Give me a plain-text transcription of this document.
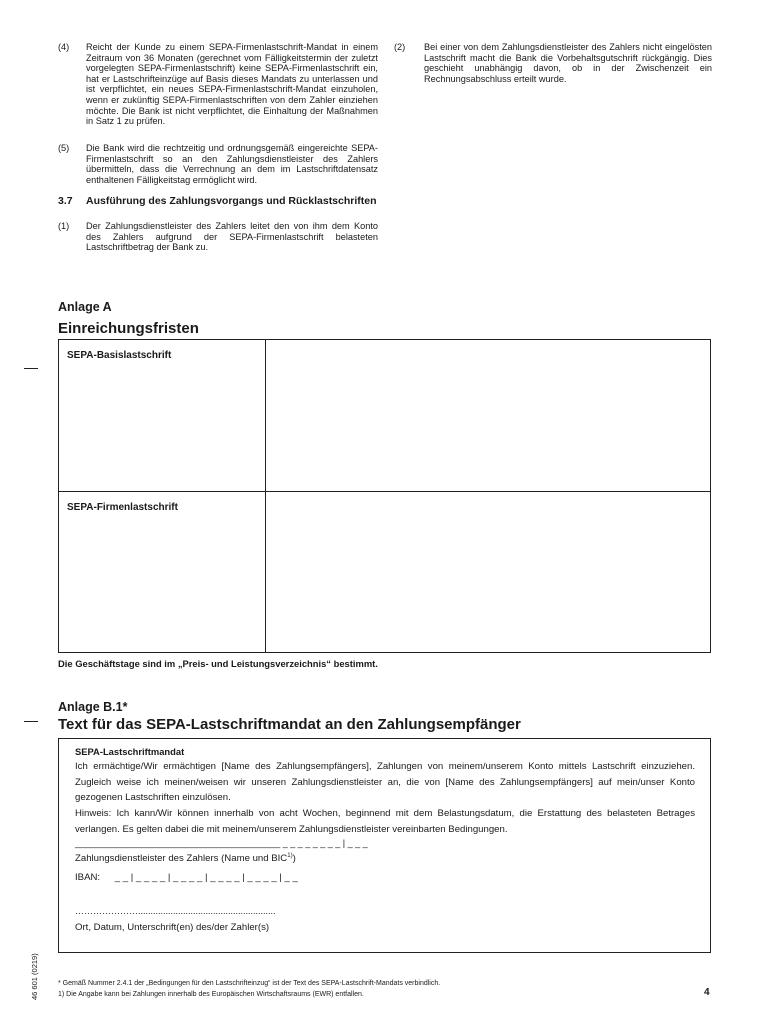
(4)	Reicht der Kunde zu einem SEPA-Firmenlastschrift-Mandat in einem Zeitraum von 36 Monaten (gerechnet vom Fälligkeitstermin der zuletzt vorgelegten SEPA-Firmenlastschrift) keine SEPA-Firmenlastschrift ein, hat er Lastschrifteinzüge auf Basis dieses Mandats zu unterlassen und ist verpflichtet, ein neues SEPA-Firmenlastschrift-Mandat einzuholen, wenn er zukünftig SEPA-Firmenlastschriften von dem Zahler einziehen möchte. Die Bank ist nicht verpflichtet, die Einhaltung der Maßnahmen in Satz 1 zu prüfen.
(5)	Die Bank wird die rechtzeitig und ordnungsgemäß eingereichte SEPA-Firmenlastschrift so an den Zahlungsdienstleister des Zahlers übermitteln, dass die Verrechnung an dem im Lastschriftdatensatz enthaltenen Fälligkeitstag ermöglicht wird.
3.7	Ausführung des Zahlungsvorgangs und Rücklastschriften
(1)	Der Zahlungsdienstleister des Zahlers leitet den von ihm dem Konto des Zahlers aufgrund der SEPA-Firmenlastschrift belasteten Lastschriftbetrag der Bank zu.
(2)	Bei einer von dem Zahlungsdienstleister des Zahlers nicht eingelösten Lastschrift macht die Bank die Vorbehaltsgutschrift rückgängig. Dies geschieht unabhängig davon, ob in der Zwischenzeit ein Rechnungsabschluss erteilt wurde.
Anlage A
Einreichungsfristen
SEPA-Basislastschrift	
SEPA-Firmenlastschrift	
Die Geschäftstage sind im „Preis- und Leistungsverzeichnis“ bestimmt.
Anlage B.1*
Text für das SEPA-Lastschriftmandat an den Zahlungsempfänger
SEPA-Lastschriftmandat
Ich ermächtige/Wir ermächtigen [Name des Zahlungsempfängers], Zahlungen von meinem/unserem Konto mittels Lastschrift einzuziehen. Zugleich weise ich meinen/weisen wir unseren Zahlungsdienstleister an, die von [Name des Zahlungsempfängers] auf mein/unser Konto gezogenen Lastschriften einzulösen.
Hinweis: Ich kann/Wir können innerhalb von acht Wochen, beginnend mit dem Belastungsdatum, die Erstattung des belasteten Betrages verlangen. Es gelten dabei die mit meinem/unserem Zahlungsdienstleister vereinbarten Bedingungen.
_________________________________________ _ _ _ _ _ _ _ _ | _ _ _
Zahlungsdienstleister des Zahlers (Name und BIC$^{1)}$)
IBAN: _ _ | _ _ _ _ | _ _ _ _ | _ _ _ _ | _ _ _ _ | _ _
………………….......................................................
Ort, Datum, Unterschrift(en) des/der Zahler(s)
46 601 (0219)	* Gemäß Nummer 2.4.1 der „Bedingungen für den Lastschrifteinzug“ ist der Text des SEPA-Lastschrift-Mandats verbindlich.
1) Die Angabe kann bei Zahlungen innerhalb des Europäischen Wirtschaftsraums (EWR) entfallen.	4
